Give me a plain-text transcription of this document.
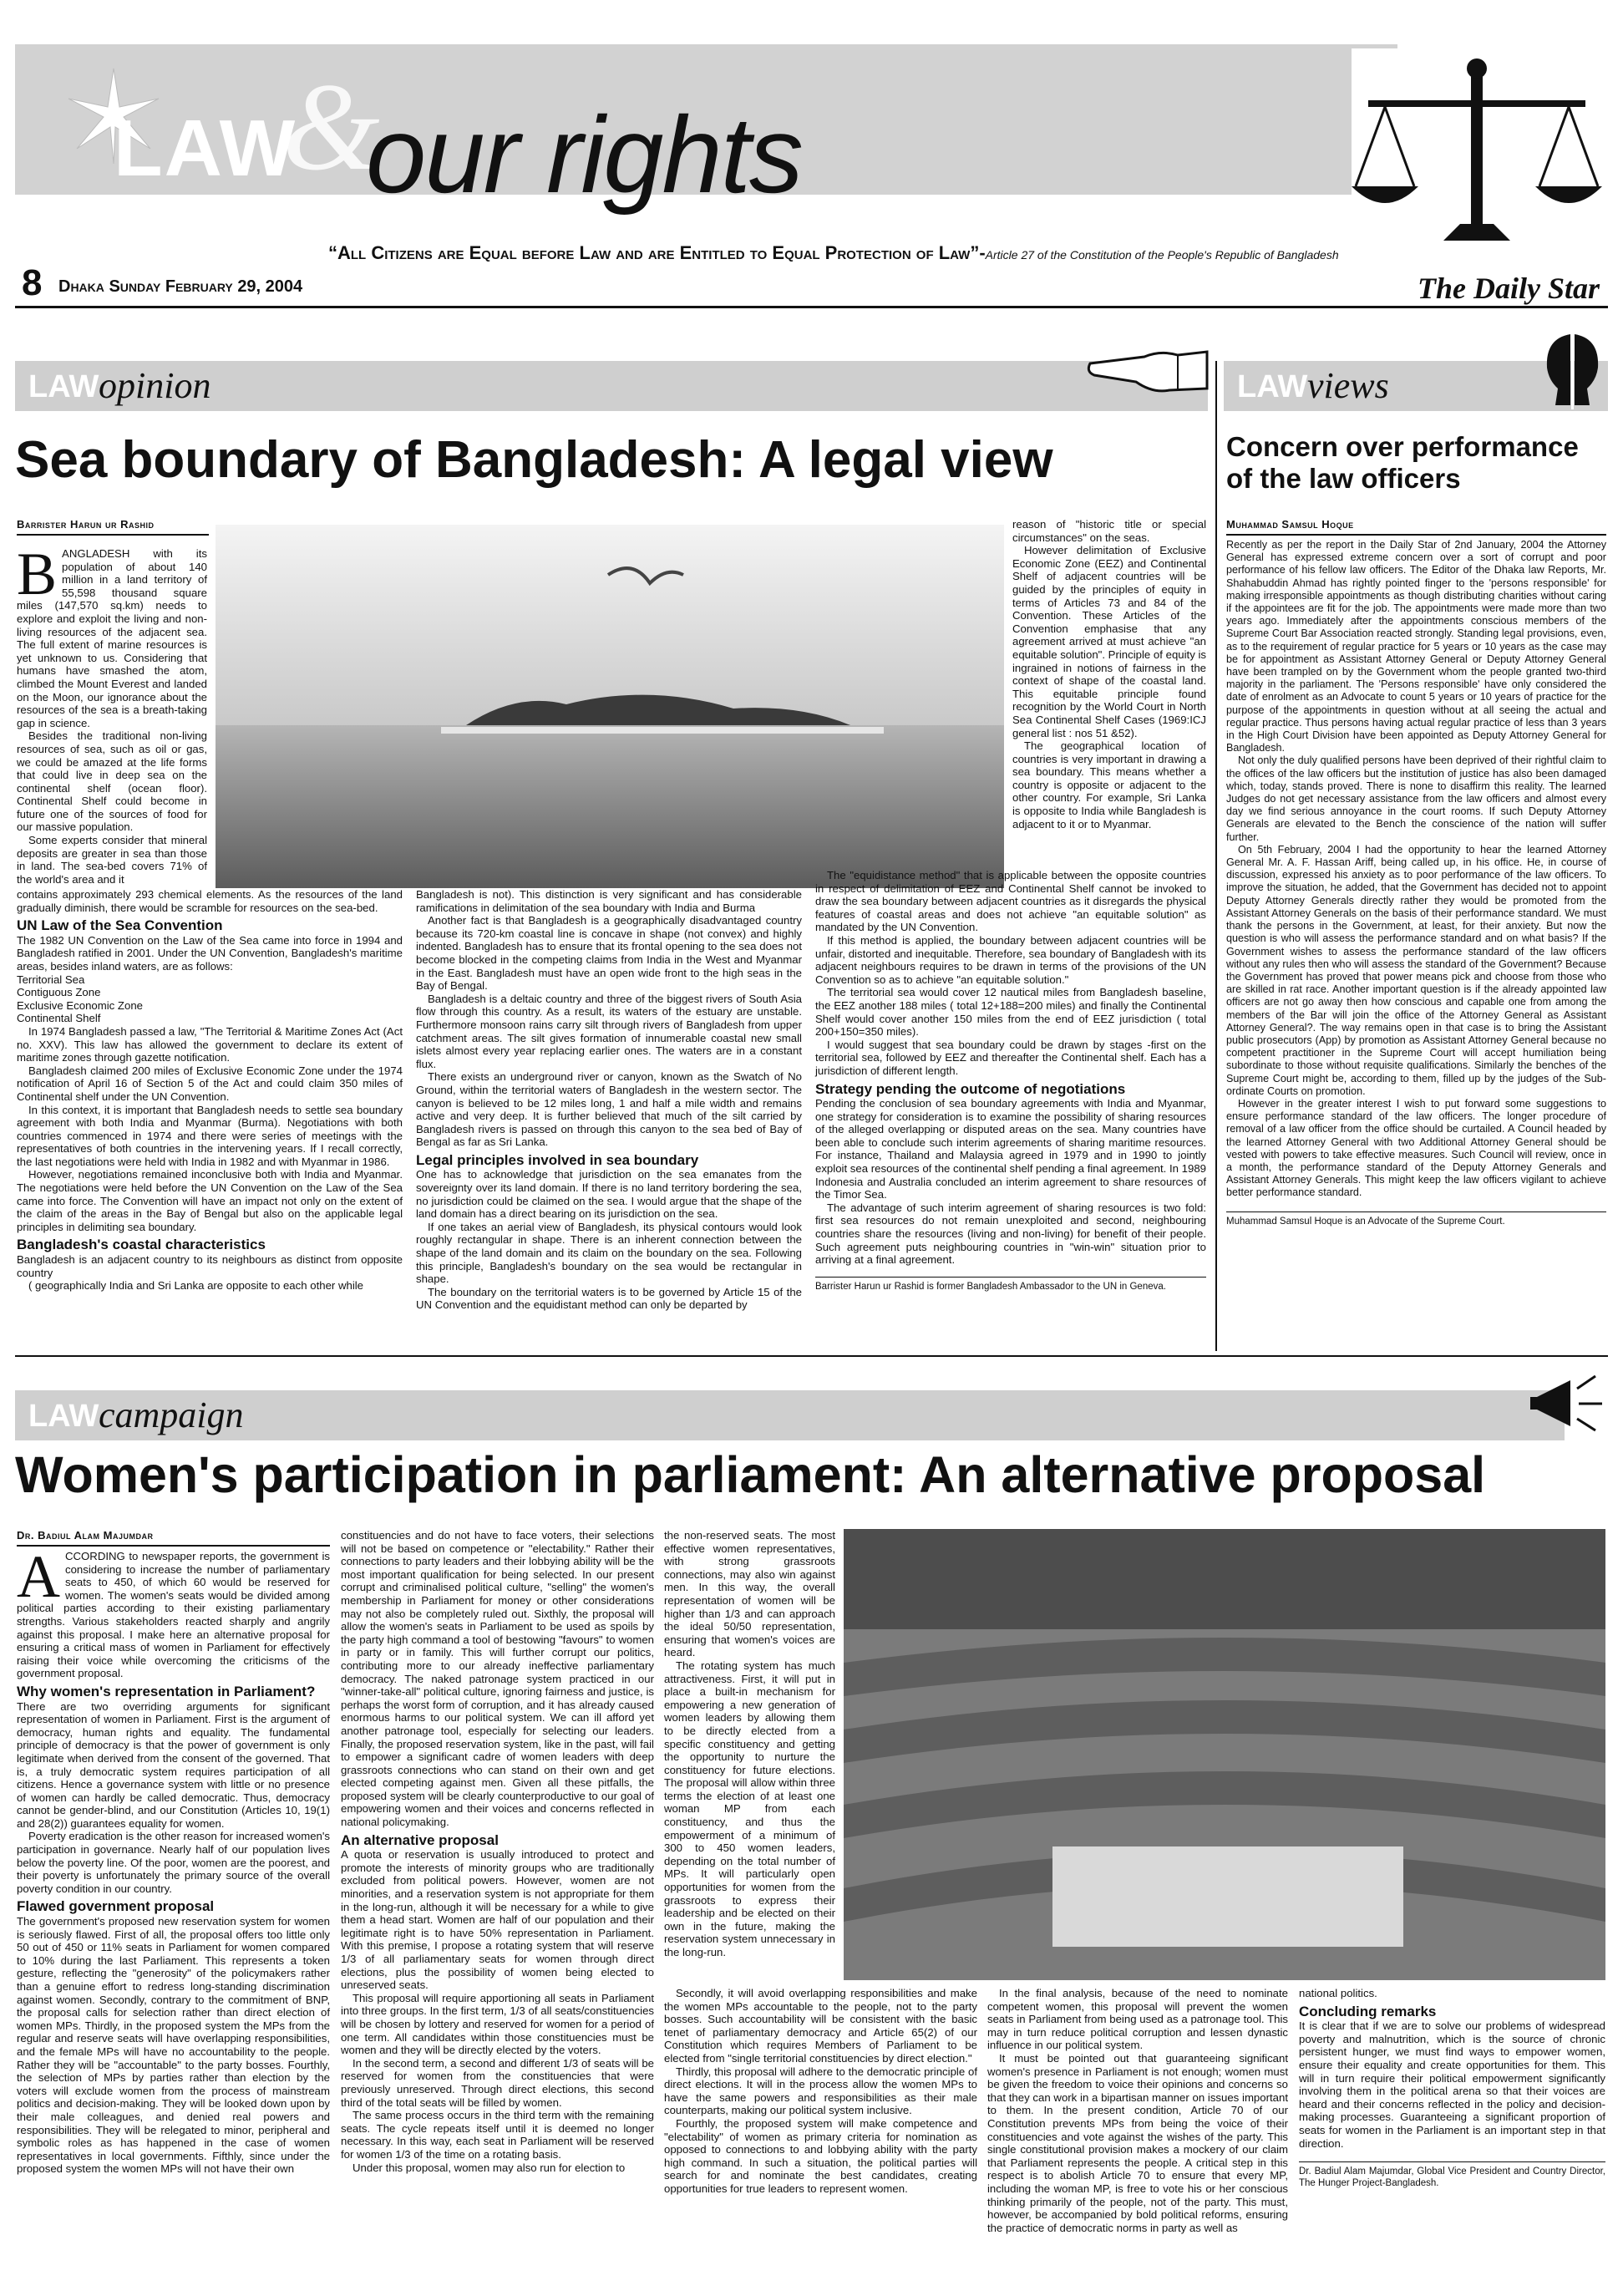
&
LAW our rights
www.thedailystar.net/law
“All Citizens are Equal before Law and are Entitled to Equal Protection of Law”-Article 27 of the Constitution of the People's Republic of Bangladesh
8 Dhaka Sunday February 29, 2004	The Daily Star
LAW opinion
Sea boundary of Bangladesh: A legal view
Barrister Harun ur Rashid
B ANGLADESH with its population of about 140 million in a land territory of 55,598 thousand square miles (147,570 sq.km) needs to explore and exploit the living and non-living resources of the adjacent sea. The full extent of marine resources is yet unknown to us. Considering that humans have smashed the atom, climbed the Mount Everest and landed on the Moon, our ignorance about the resources of the sea is a breath-taking gap in science.

Besides the traditional non-living resources of sea, such as oil or gas, we could be amazed at the life forms that could live in deep sea on the continental shelf (ocean floor). Continental Shelf could become in future one of the sources of food for our massive population.

Some experts consider that mineral deposits are greater in sea than those in land. The sea-bed covers 71% of the world's area and it

contains approximately 293 chemical elements. As the resources of the land gradually diminish, there would be scramble for resources on the sea-bed.

UN Law of the Sea Convention

The 1982 UN Convention on the Law of the Sea came into force in 1994 and Bangladesh ratified in 2001. Under the UN Convention, Bangladesh's maritime areas, besides inland waters, are as follows:

Territorial Sea

Contiguous Zone

Exclusive Economic Zone

Continental Shelf

In 1974 Bangladesh passed a law, "The Territorial & Maritime Zones Act (Act no. XXV). This law has allowed the government to declare its extent of maritime zones through gazette notification.

Bangladesh claimed 200 miles of Exclusive Economic Zone under the 1974 notification of April 16 of Section 5 of the Act and could claim 350 miles of Continental shelf under the UN Convention.

In this context, it is important that Bangladesh needs to settle sea boundary agreement with both India and Myanmar (Burma). Negotiations with both countries commenced in 1974 and there were series of meetings with the representatives of both countries in the intervening years. If I recall correctly, the last negotiations were held with India in 1982 and with Myanmar in 1986.

However, negotiations remained inconclusive both with India and Myanmar. The negotiations were held before the UN Convention on the Law of the Sea came into force. The Convention will have an impact not only on the extent of the claim of the areas in the Bay of Bengal but also on the applicable legal principles in delimiting sea boundary.

Bangladesh's coastal characteristics

Bangladesh is an adjacent country to its neighbours as distinct from opposite country

( geographically India and Sri Lanka are opposite to each other while

Bangladesh is not). This distinction is very significant and has considerable ramifications in delimitation of the sea boundary with India and Burma

Another fact is that Bangladesh is a geographically disadvantaged country because its 720-km coastal line is concave in shape (not convex) and highly indented. Bangladesh has to ensure that its frontal opening to the sea does not become blocked in the competing claims from India in the West and Myanmar in the East. Bangladesh must have an open wide front to the high seas in the Bay of Bengal.

Bangladesh is a deltaic country and three of the biggest rivers of South Asia flow through this country. As a result, its waters of the estuary are unstable. Furthermore monsoon rains carry silt through rivers of Bangladesh from upper catchment areas. The silt gives formation of innumerable coastal new small islets almost every year replacing earlier ones. The waters are in a constant flux.

There exists an underground river or canyon, known as the Swatch of No Ground, within the territorial waters of Bangladesh in the western sector. The canyon is believed to be 12 miles long, 1 and half a mile width and remains active and very deep. It is further believed that much of the silt carried by Bangladesh rivers is passed on through this canyon to the sea bed of Bay of Bengal as far as Sri Lanka.

Legal principles involved in sea boundary

One has to acknowledge that jurisdiction on the sea emanates from the sovereignty over its land domain. If there is no land territory bordering the sea, no jurisdiction could be claimed on the sea. I would argue that the shape of the land domain has a direct bearing on its jurisdiction on the sea.

If one takes an aerial view of Bangladesh, its physical contours would look roughly rectangular in shape. There is an inherent connection between the shape of the land domain and its claim on the boundary on the sea. Following this principle, Bangladesh's boundary on the sea would be rectangular in shape.

The boundary on the territorial waters is to be governed by Article 15 of the UN Convention and the equidistant method can only be departed by

reason of "historic title or special circumstances" on the seas.

However delimitation of Exclusive Economic Zone (EEZ) and Continental Shelf of adjacent countries will be guided by the principles of equity in terms of Articles 73 and 84 of the Convention. These Articles of the Convention emphasise that any agreement arrived at must achieve "an equitable solution". Principle of equity is ingrained in notions of fairness in the context of shape of the coastal land. This equitable principle found recognition by the World Court in North Sea Continental Shelf Cases (1969:ICJ general list : nos 51 &52).

The geographical location of countries is very important in drawing a sea boundary. This means whether a country is opposite or adjacent to the other country. For example, Sri Lanka is opposite to India while Bangladesh is adjacent to it or to Myanmar.

The "equidistance method" that is applicable between the opposite countries in respect of delimitation of EEZ and Continental Shelf cannot be invoked to draw the sea boundary between adjacent countries as it disregards the physical features of coastal areas and does not achieve "an equitable solution" as mandated by the UN Convention.

If this method is applied, the boundary between adjacent countries will be unfair, distorted and inequitable. Therefore, sea boundary of Bangladesh with its adjacent neighbours requires to be drawn in terms of the provisions of the UN Convention so as to achieve "an equitable solution."

The territorial sea would cover 12 nautical miles from Bangladesh baseline, the EEZ another 188 miles ( total 12+188=200 miles) and finally the Continental Shelf would cover another 150 miles from the end of EEZ jurisdiction ( total 200+150=350 miles).

I would suggest that sea boundary could be drawn by stages -first on the territorial sea, followed by EEZ and thereafter the Continental shelf. Each has a jurisdiction of different length.

Strategy pending the outcome of negotiations

Pending the conclusion of sea boundary agreements with India and Myanmar, one strategy for consideration is to examine the possibility of sharing resources of the alleged overlapping or disputed areas on the sea. Many countries have been able to conclude such interim agreements of sharing maritime resources. For instance, Thailand and Malaysia agreed in 1979 and in 1990 to jointly exploit sea resources of the continental shelf pending a final agreement. In 1989 Indonesia and Australia concluded an interim agreement to share resources of the Timor Sea.

The advantage of such interim agreement of sharing resources is two fold: first sea resources do not remain unexploited and second, neighbouring countries share the resources (living and non-living) for benefit of their people. Such agreement puts neighbouring countries in "win-win" situation prior to arriving at a final agreement.

Barrister Harun ur Rashid is former Bangladesh Ambassador to the UN in Geneva.
LAW views
Concern over performance of the law officers
Muhammad Samsul Hoque

Recently as per the report in the Daily Star of 2nd January, 2004 the Attorney General has expressed extreme concern over a sort of corrupt and poor performance of his fellow law officers. The Editor of the Dhaka law Reports, Mr. Shahabuddin Ahmad has rightly pointed finger to the 'persons responsible' for making irresponsible appointments as though distributing charities without caring if the appointees are fit for the job. The appointments were made more than two years ago. Immediately after the appointments conscious members of the Supreme Court Bar Association reacted strongly. Standing legal provisions, even, as to the requirement of regular practice for 5 years or 10 years as the case may be for appointment as Assistant Attorney General or Deputy Attorney General have been trampled on by the Government whom the people granted two-third majority in the parliament. The 'Persons responsible' have only considered the date of enrolment as an Advocate to count 5 years or 10 years of practice for the purpose of the appointments in question without at all seeing the actual and regular practice. Thus persons having actual regular practice of less than 3 years in the High Court Division have been appointed as Deputy Attorney General for Bangladesh.

Not only the duly qualified persons have been deprived of their rightful claim to the offices of the law officers but the institution of justice has also been damaged which, today, stands proved. There is none to disaffirm this reality. The learned Judges do not get necessary assistance from the law officers and almost every day we find serious annoyance in the court rooms. If such Deputy Attorney Generals are elevated to the Bench the conscience of the nation will suffer further.

On 5th February, 2004 I had the opportunity to hear the learned Attorney General Mr. A. F. Hassan Ariff, being called up, in his office. He, in course of discussion, expressed his anxiety as to poor performance of the law officers. To improve the situation, he added, that the Government has decided not to appoint Deputy Attorney Generals directly rather they would be promoted from the Assistant Attorney Generals on the basis of their performance standard. We must thank the persons in the Government, at least, for their anxiety. But now the question is who will assess the performance standard and on what basis? If the Government wishes to assess the performance standard of the law officers without any rules then who will assess the standard of the Government? Because the Government has proved that power means pick and choose from those who are skilled in rat race. Another important question is if the already appointed law officers are not go away then how conscious and capable one from among the members of the Bar will join the office of the Attorney General as Assistant Attorney General?. The way remains open in that case is to bring the Assistant public prosecutors (App) by promotion as Assistant Attorney General because no competent practitioner in the Supreme Court will accept humiliation being subordinate to those without requisite qualifications. Similarly the benches of the Supreme Court might be, according to them, filled up by the judges of the Sub-ordinate Courts on promotion.

However in the greater interest I wish to put forward some suggestions to ensure performance standard of the law officers. The longer procedure of removal of a law officer from the office should be curtailed. A Council headed by the learned Attorney General with two Additional Attorney General should be vested with powers to take effective measures. Such Council will review, once in a month, the performance standard of the Deputy Attorney Generals and Assistant Attorney Generals. This might keep the law officers vigilant to achieve better performance standard.

Muhammad Samsul Hoque is an Advocate of the Supreme Court.
LAW campaign
Women's participation in parliament: An alternative proposal
Dr. Badiul Alam Majumdar
A CCORDING to newspaper reports, the government is considering to increase the number of parliamentary seats to 450, of which 60 would be reserved for women. The women's seats would be divided among political parties according to their existing parliamentary strengths. Various stakeholders reacted sharply and angrily against this proposal. I make here an alternative proposal for ensuring a critical mass of women in Parliament for effectively raising their voice while overcoming the criticisms of the government proposal.

Why women's representation in Parliament?

There are two overriding arguments for significant representation of women in Parliament. First is the argument of democracy, human rights and equality. The fundamental principle of democracy is that the power of government is only legitimate when derived from the consent of the governed. That is, a truly democratic system requires participation of all citizens. Hence a governance system with little or no presence of women can hardly be called democratic. Thus, democracy cannot be gender-blind, and our Constitution (Articles 10, 19(1) and 28(2)) guarantees equality for women.

Poverty eradication is the other reason for increased women's participation in governance. Nearly half of our population lives below the poverty line. Of the poor, women are the poorest, and their poverty is unfortunately the primary source of the overall poverty condition in our country.

Flawed government proposal

The government's proposed new reservation system for women is seriously flawed. First of all, the proposal offers too little only 50 out of 450 or 11% seats in Parliament for women compared to 10% during the last Parliament. This represents a token gesture, reflecting the "generosity" of the policymakers rather than a genuine effort to redress long-standing discrimination against women. Secondly, contrary to the commitment of BNP, the proposal calls for selection rather than direct election of women MPs. Thirdly, in the proposed system the MPs from the regular and reserve seats will have overlapping responsibilities, and the female MPs will have no accountability to the people. Rather they will be "accountable" to the party bosses. Fourthly, the selection of MPs by parties rather than election by the voters will exclude women from the process of mainstream politics and decision-making. They will be looked down upon by their male colleagues, and denied real powers and responsibilities. They will be relegated to minor, peripheral and symbolic roles as has happened in the case of women representatives in local governments. Fifthly, since under the proposed system the women MPs will not have their own

constituencies and do not have to face voters, their selections will not be based on competence or "electability." Rather their connections to party leaders and their lobbying ability will be the most important qualification for being selected. In our present corrupt and criminalised political culture, "selling" the women's membership in Parliament for money or other considerations may not also be completely ruled out. Sixthly, the proposal will allow the women's seats in Parliament to be used as spoils by the party high command a tool of bestowing "favours" to women in party or in family. This will further corrupt our politics, contributing more to our already ineffective parliamentary democracy. The naked patronage system practiced in our "winner-take-all" political culture, ignoring fairness and justice, is perhaps the worst form of corruption, and it has already caused enormous harms to our political system. We can ill afford yet another patronage tool, especially for selecting our leaders. Finally, the proposed reservation system, like in the past, will fail to empower a significant cadre of women leaders with deep grassroots connections who can stand on their own and get elected competing against men. Given all these pitfalls, the proposed system will be clearly counterproductive to our goal of empowering women and their voices and concerns reflected in national policymaking.

An alternative proposal

A quota or reservation is usually introduced to protect and promote the interests of minority groups who are traditionally excluded from political powers. However, women are not minorities, and a reservation system is not appropriate for them in the long-run, although it will be necessary for a while to give them a head start. Women are half of our population and their legitimate right is to have 50% representation in Parliament. With this premise, I propose a rotating system that will reserve 1/3 of all parliamentary seats for women through direct elections, plus the possibility of women being elected to unreserved seats.

This proposal will require apportioning all seats in Parliament into three groups. In the first term, 1/3 of all seats/constituencies will be chosen by lottery and reserved for women for a period of one term. All candidates within those constituencies must be women and they will be directly elected by the voters.

In the second term, a second and different 1/3 of seats will be reserved for women from the constituencies that were previously unreserved. Through direct elections, this second third of the total seats will be filled by women.

The same process occurs in the third term with the remaining seats. The cycle repeats itself until it is deemed no longer necessary. In this way, each seat in Parliament will be reserved for women 1/3 of the time on a rotating basis.

Under this proposal, women may also run for election to

the non-reserved seats. The most effective women representatives, with strong grassroots connections, may also win against men. In this way, the overall representation of women will be higher than 1/3 and can approach the ideal 50/50 representation, ensuring that women's voices are heard.

The rotating system has much attractiveness. First, it will put in place a built-in mechanism for empowering a new generation of women leaders by allowing them to be directly elected from a specific constituency and getting the opportunity to nurture the constituency for future elections. The proposal will allow within three terms the election of at least one woman MP from each constituency, and thus the empowerment of a minimum of 300 to 450 women leaders, depending on the total number of MPs. It will particularly open opportunities for women from the grassroots to express their leadership and be elected on their own in the future, making the reservation system unnecessary in the long-run.

Secondly, it will avoid overlapping responsibilities and make the women MPs accountable to the people, not to the party bosses. Such accountability will be consistent with the basic tenet of parliamentary democracy and Article 65(2) of our Constitution which requires Members of Parliament to be elected from "single territorial constituencies by direct election."

Thirdly, this proposal will adhere to the democratic principle of direct elections. It will in the process allow the women MPs to have the same powers and responsibilities as their male counterparts, making our political system inclusive.

Fourthly, the proposed system will make competence and "electability" of women as primary criteria for nomination as opposed to connections to and lobbying ability with the party high command. In such a situation, the political parties will search for and nominate the best candidates, creating opportunities for true leaders to represent women.

In the final analysis, because of the need to nominate competent women, this proposal will prevent the women seats in Parliament from being used as a patronage tool. This may in turn reduce political corruption and lessen dynastic influence in our political system.

It must be pointed out that guaranteeing significant women's presence in Parliament is not enough; women must be given the freedom to voice their opinions and concerns so that they can work in a bipartisan manner on issues important to them. In the present condition, Article 70 of our Constitution prevents MPs from being the voice of their constituencies and vote against the wishes of the party. This single constitutional provision makes a mockery of our claim that Parliament represents the people. A critical step in this respect is to abolish Article 70 to ensure that every MP, including the woman MP, is free to vote his or her conscious thinking primarily of the people, not of the party. This must, however, be accompanied by bold political reforms, ensuring the practice of democratic norms in party as well as

national politics.

Concluding remarks

It is clear that if we are to solve our problems of widespread poverty and malnutrition, which is the source of chronic persistent hunger, we must find ways to empower women, ensure their equality and create opportunities for them. This will in turn require their political empowerment significantly involving them in the political arena so that their voices are heard and their concerns reflected in the policy and decision-making processes. Guaranteeing a significant proportion of seats for women in the Parliament is an important step in that direction.

Dr. Badiul Alam Majumdar, Global Vice President and Country Director, The Hunger Project-Bangladesh.
